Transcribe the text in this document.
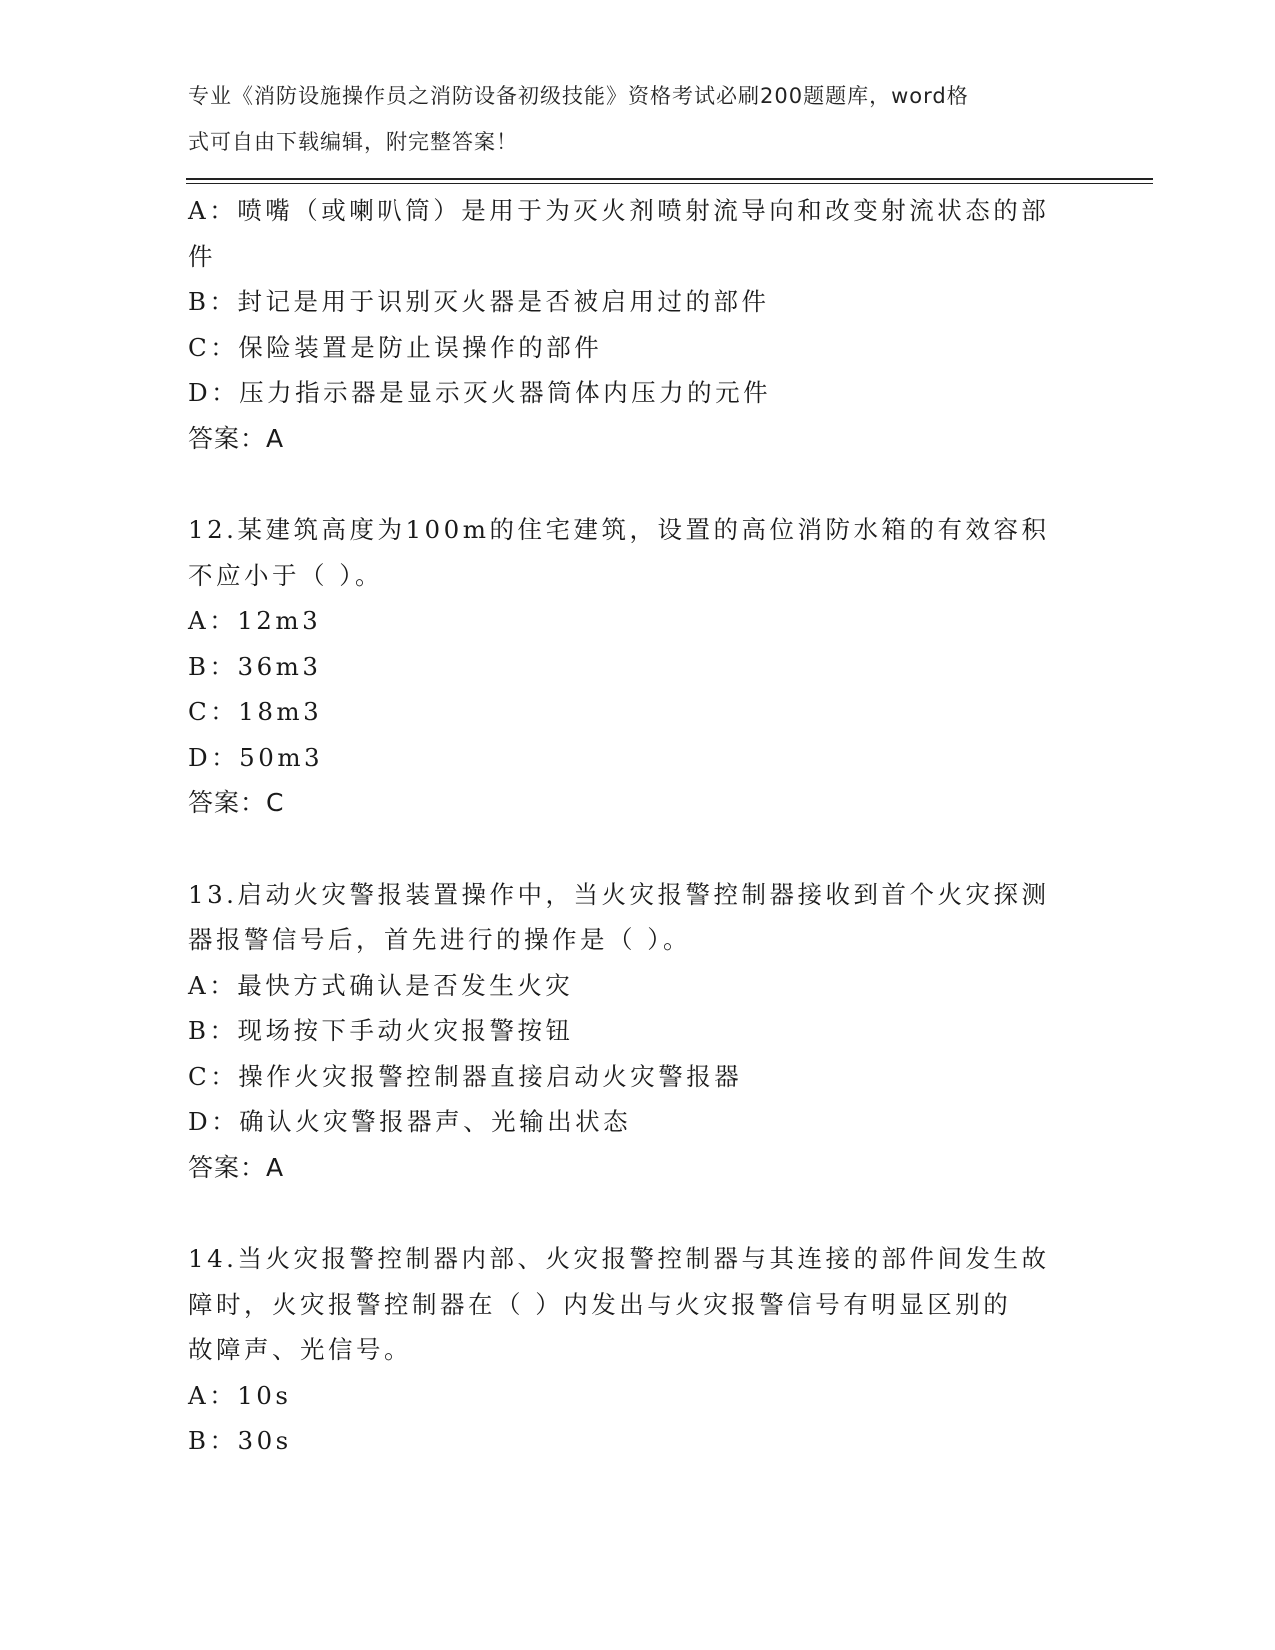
专业《消防设施操作员之消防设备初级技能》资格考试必刷200题题库，word格
式可自由下载编辑，附完整答案！
A：喷嘴（或喇叭筒）是用于为灭火剂喷射流导向和改变射流状态的部
件
B：封记是用于识别灭火器是否被启用过的部件
C：保险装置是防止误操作的部件
D：压力指示器是显示灭火器筒体内压力的元件
答案：A
12.某建筑高度为100m的住宅建筑，设置的高位消防水箱的有效容积
不应小于（ ）。
A：12m3
B：36m3
C：18m3
D：50m3
答案：C
13.启动火灾警报装置操作中，当火灾报警控制器接收到首个火灾探测
器报警信号后，首先进行的操作是（ ）。
A：最快方式确认是否发生火灾
B：现场按下手动火灾报警按钮
C：操作火灾报警控制器直接启动火灾警报器
D：确认火灾警报器声、光输出状态
答案：A
14.当火灾报警控制器内部、火灾报警控制器与其连接的部件间发生故
障时，火灾报警控制器在（ ）内发出与火灾报警信号有明显区别的
故障声、光信号。
A：10s
B：30s
